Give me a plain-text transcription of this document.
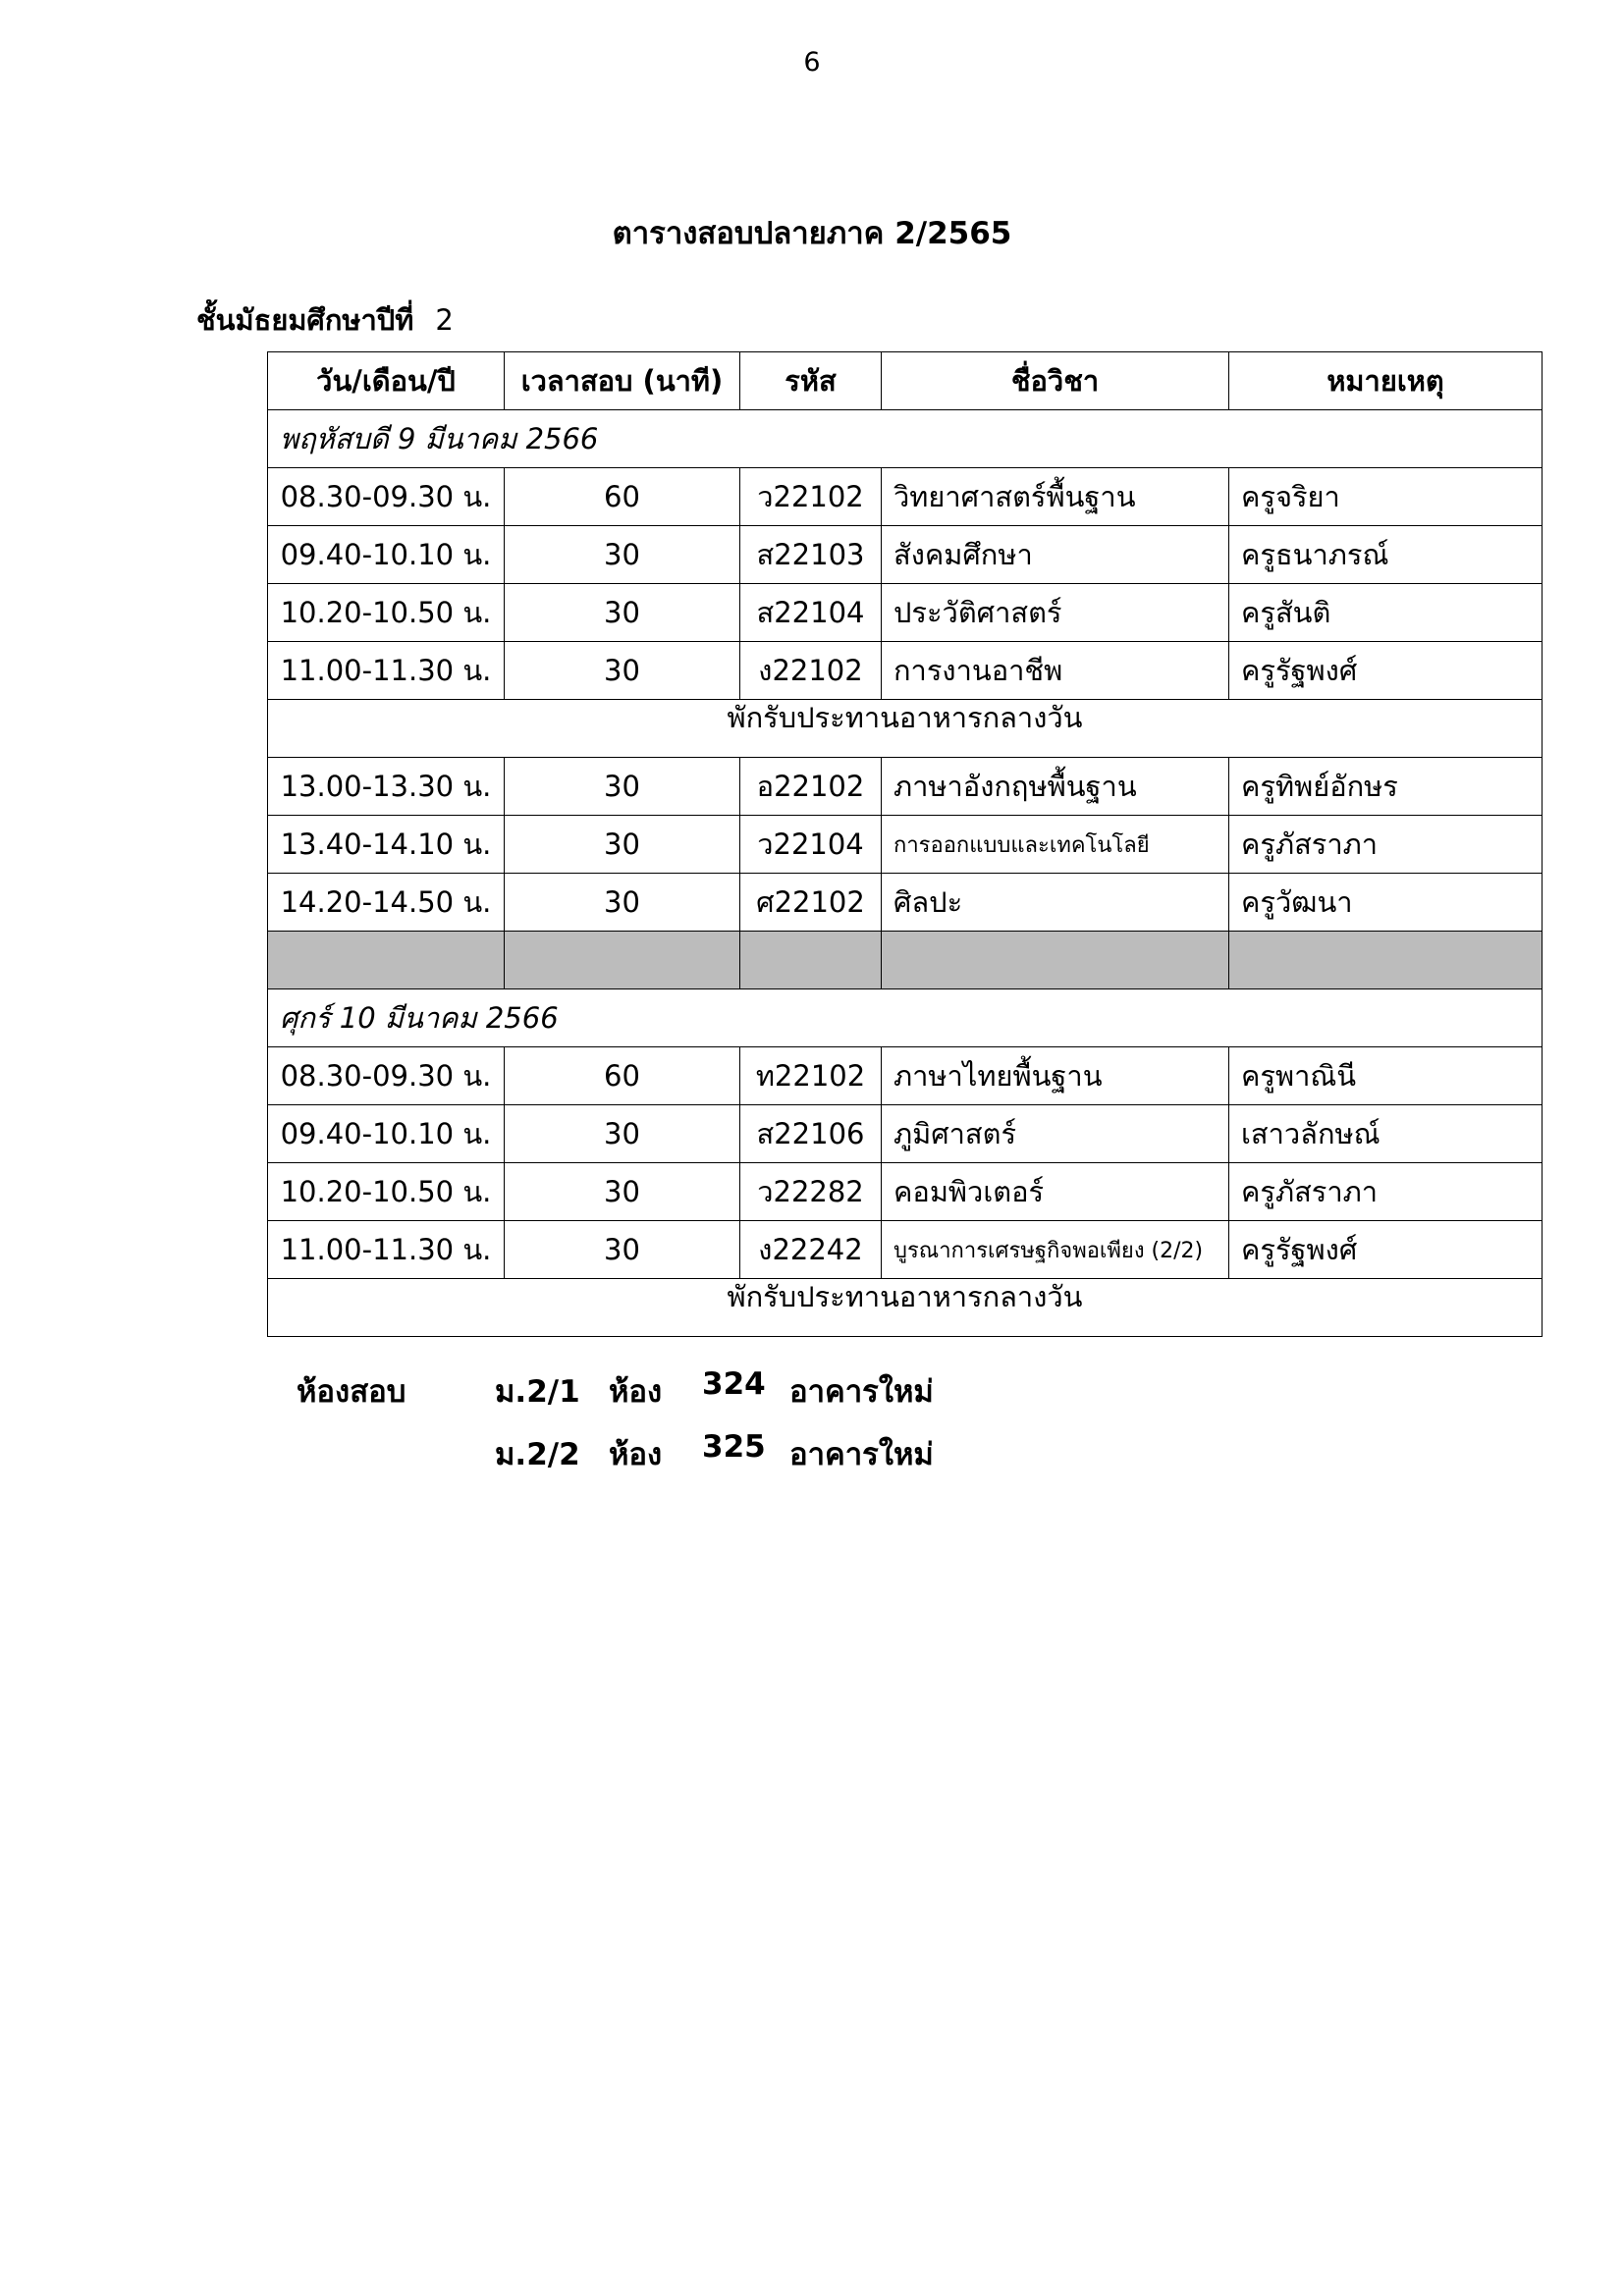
6
ตารางสอบปลายภาค 2/2565
ชั้นมัธยมศึกษาปีที่ 2
วัน/เดือน/ปี	เวลาสอบ (นาที)	รหัส	ชื่อวิชา	หมายเหตุ
พฤหัสบดี 9 มีนาคม 2566				
08.30-09.30 น.	60	ว22102	วิทยาศาสตร์พื้นฐาน	ครูจริยา
09.40-10.10 น.	30	ส22103	สังคมศึกษา	ครูธนาภรณ์
10.20-10.50 น.	30	ส22104	ประวัติศาสตร์	ครูสันติ
11.00-11.30 น.	30	ง22102	การงานอาชีพ	ครูรัฐพงศ์
พักรับประทานอาหารกลางวัน				
13.00-13.30 น.	30	อ22102	ภาษาอังกฤษพื้นฐาน	ครูทิพย์อักษร
13.40-14.10 น.	30	ว22104	การออกแบบและเทคโนโลยี	ครูภัสราภา
14.20-14.50 น.	30	ศ22102	ศิลปะ	ครูวัฒนา

ศุกร์ 10 มีนาคม 2566				
08.30-09.30 น.	60	ท22102	ภาษาไทยพื้นฐาน	ครูพาณินี
09.40-10.10 น.	30	ส22106	ภูมิศาสตร์	เสาวลักษณ์
10.20-10.50 น.	30	ว22282	คอมพิวเตอร์	ครูภัสราภา
11.00-11.30 น.	30	ง22242	บูรณาการเศรษฐกิจพอเพียง (2/2)	ครูรัฐพงศ์
พักรับประทานอาหารกลางวัน				
ห้องสอบ	ม.2/1 ห้อง 324 อาคารใหม่
ม.2/2 ห้อง 325 อาคารใหม่
